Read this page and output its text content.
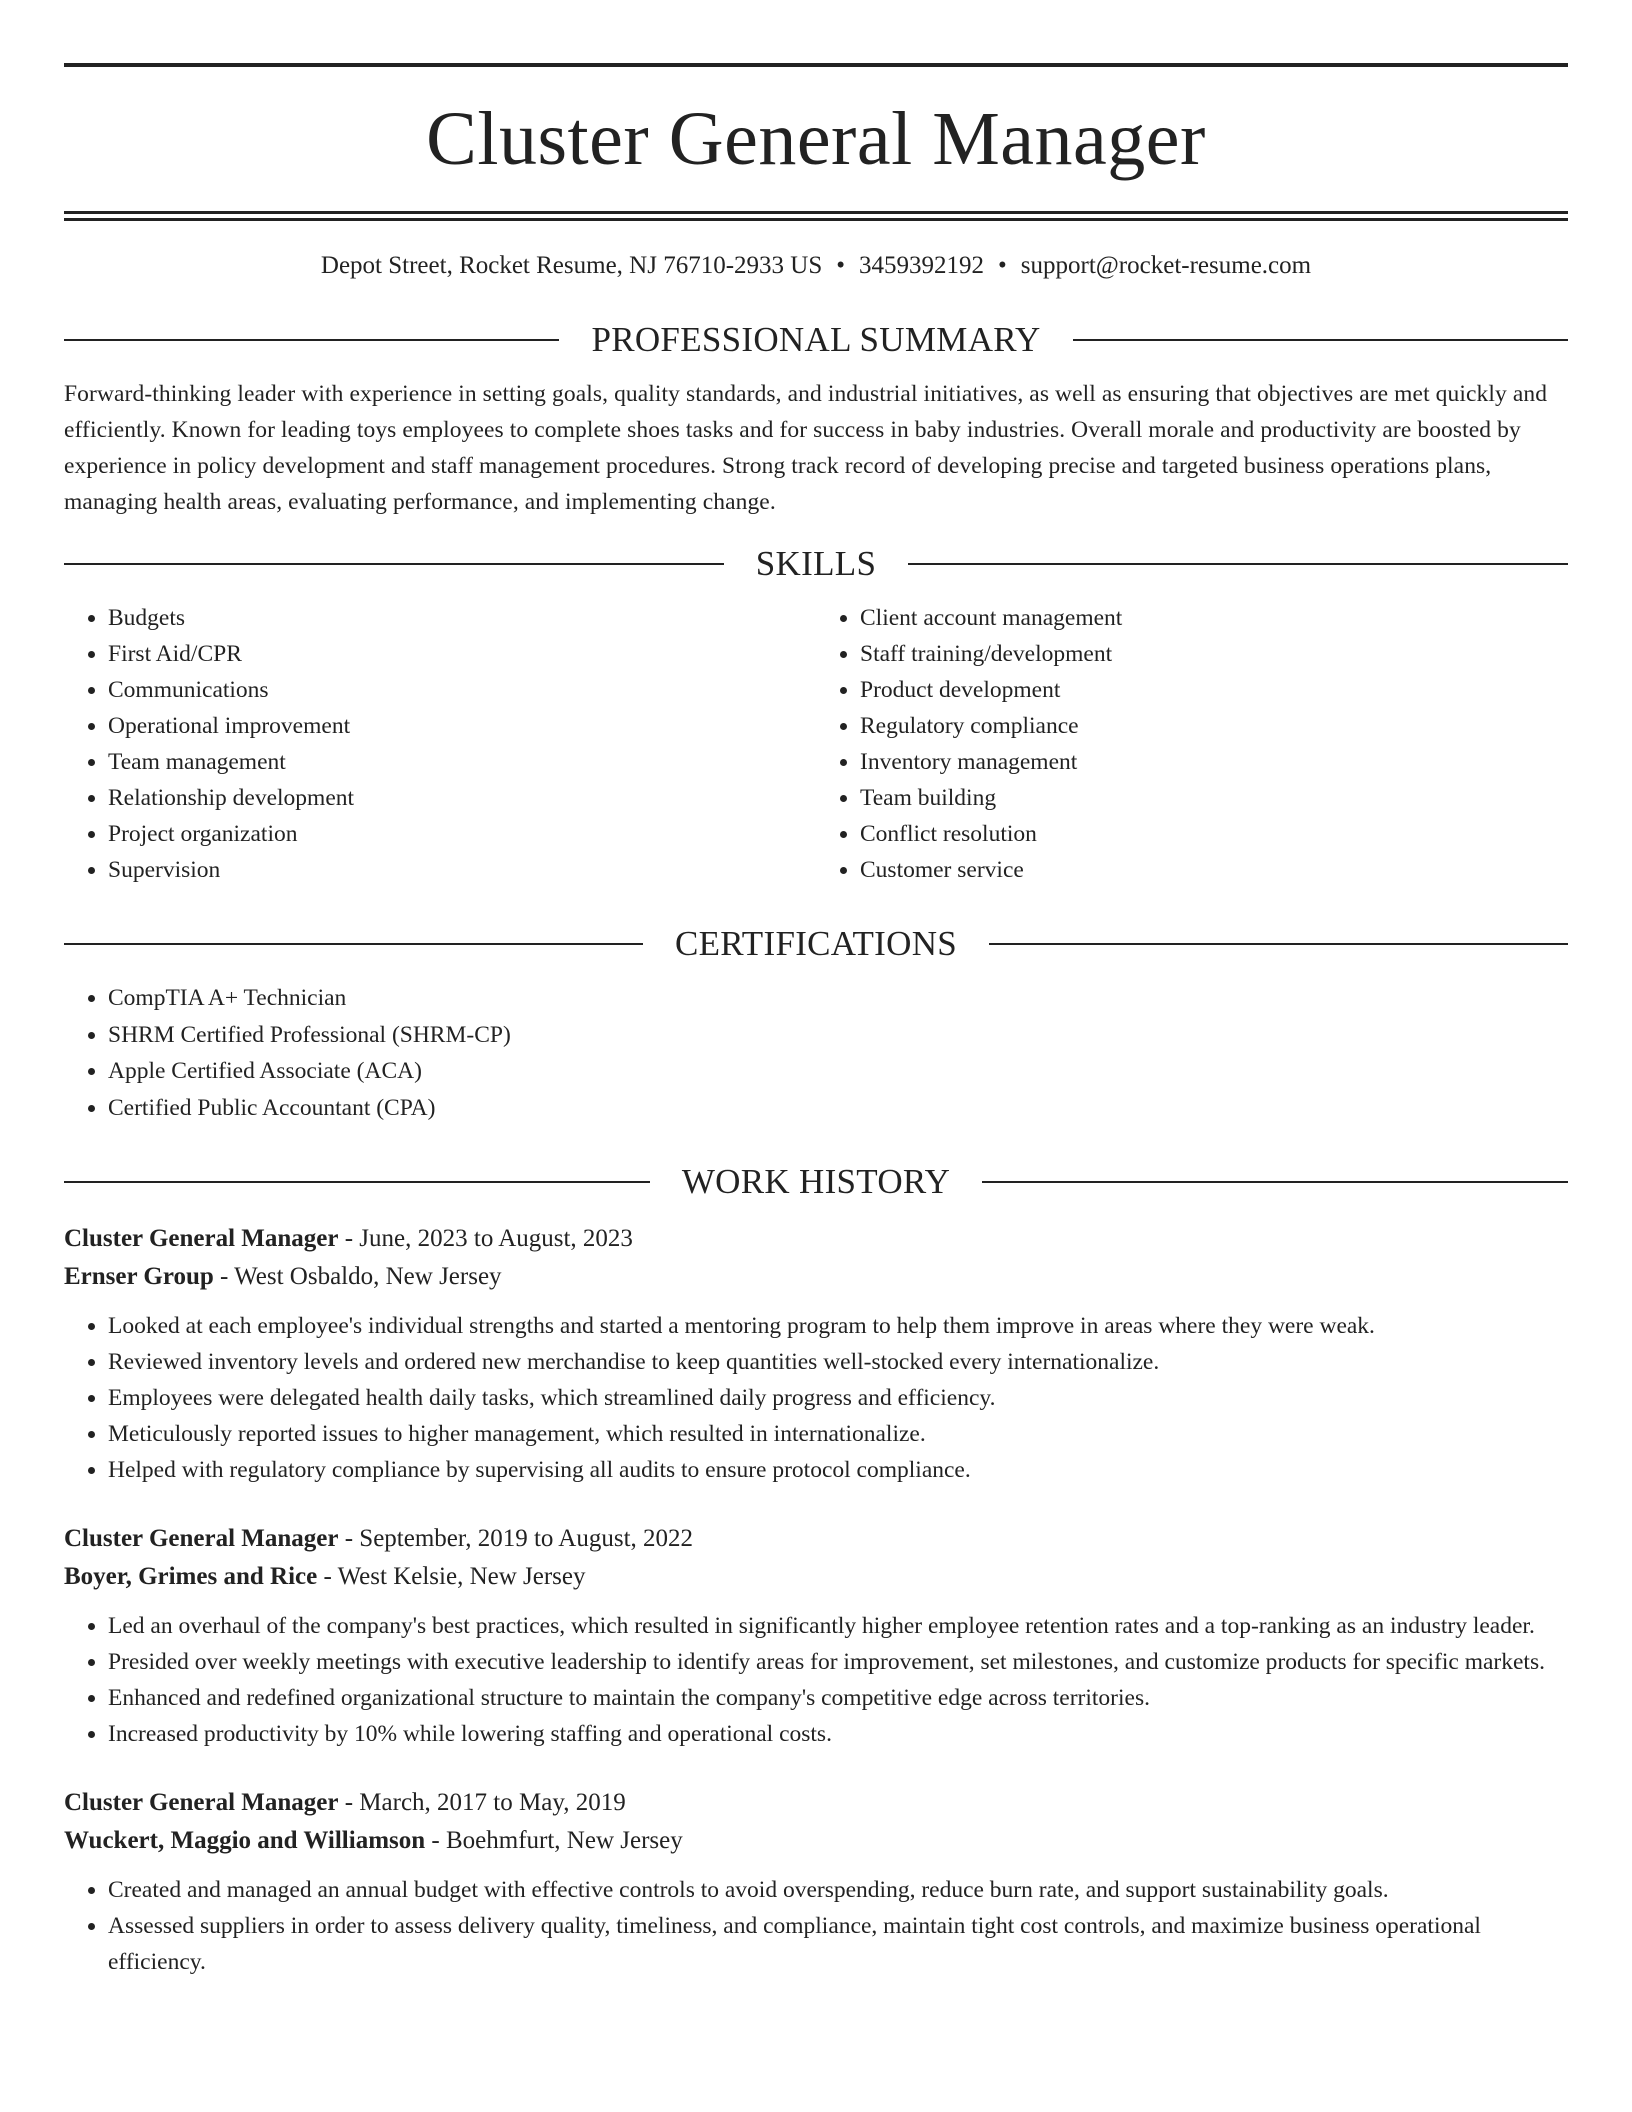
Cluster General Manager
Depot Street, Rocket Resume, NJ 76710-2933 US • 3459392192 • support@rocket-resume.com
PROFESSIONAL SUMMARY

Forward-thinking leader with experience in setting goals, quality standards, and industrial initiatives, as well as ensuring that objectives are met quickly and efficiently. Known for leading toys employees to complete shoes tasks and for success in baby industries. Overall morale and productivity are boosted by experience in policy development and staff management procedures. Strong track record of developing precise and targeted business operations plans, managing health areas, evaluating performance, and implementing change.

SKILLS
• Budgets
• First Aid/CPR
• Communications
• Operational improvement
• Team management
• Relationship development
• Project organization
• Supervision
• Client account management
• Staff training/development
• Product development
• Regulatory compliance
• Inventory management
• Team building
• Conflict resolution
• Customer service
CERTIFICATIONS
• CompTIA A+ Technician
• SHRM Certified Professional (SHRM-CP)
• Apple Certified Associate (ACA)
• Certified Public Accountant (CPA)
WORK HISTORY
Cluster General Manager - June, 2023 to August, 2023
Ernser Group - West Osbaldo, New Jersey
• Looked at each employee's individual strengths and started a mentoring program to help them improve in areas where they were weak.
• Reviewed inventory levels and ordered new merchandise to keep quantities well-stocked every internationalize.
• Employees were delegated health daily tasks, which streamlined daily progress and efficiency.
• Meticulously reported issues to higher management, which resulted in internationalize.
• Helped with regulatory compliance by supervising all audits to ensure protocol compliance.
Cluster General Manager - September, 2019 to August, 2022
Boyer, Grimes and Rice - West Kelsie, New Jersey
• Led an overhaul of the company's best practices, which resulted in significantly higher employee retention rates and a top-ranking as an industry leader.
• Presided over weekly meetings with executive leadership to identify areas for improvement, set milestones, and customize products for specific markets.
• Enhanced and redefined organizational structure to maintain the company's competitive edge across territories.
• Increased productivity by 10% while lowering staffing and operational costs.
Cluster General Manager - March, 2017 to May, 2019
Wuckert, Maggio and Williamson - Boehmfurt, New Jersey
• Created and managed an annual budget with effective controls to avoid overspending, reduce burn rate, and support sustainability goals.
• Assessed suppliers in order to assess delivery quality, timeliness, and compliance, maintain tight cost controls, and maximize business operational efficiency.
